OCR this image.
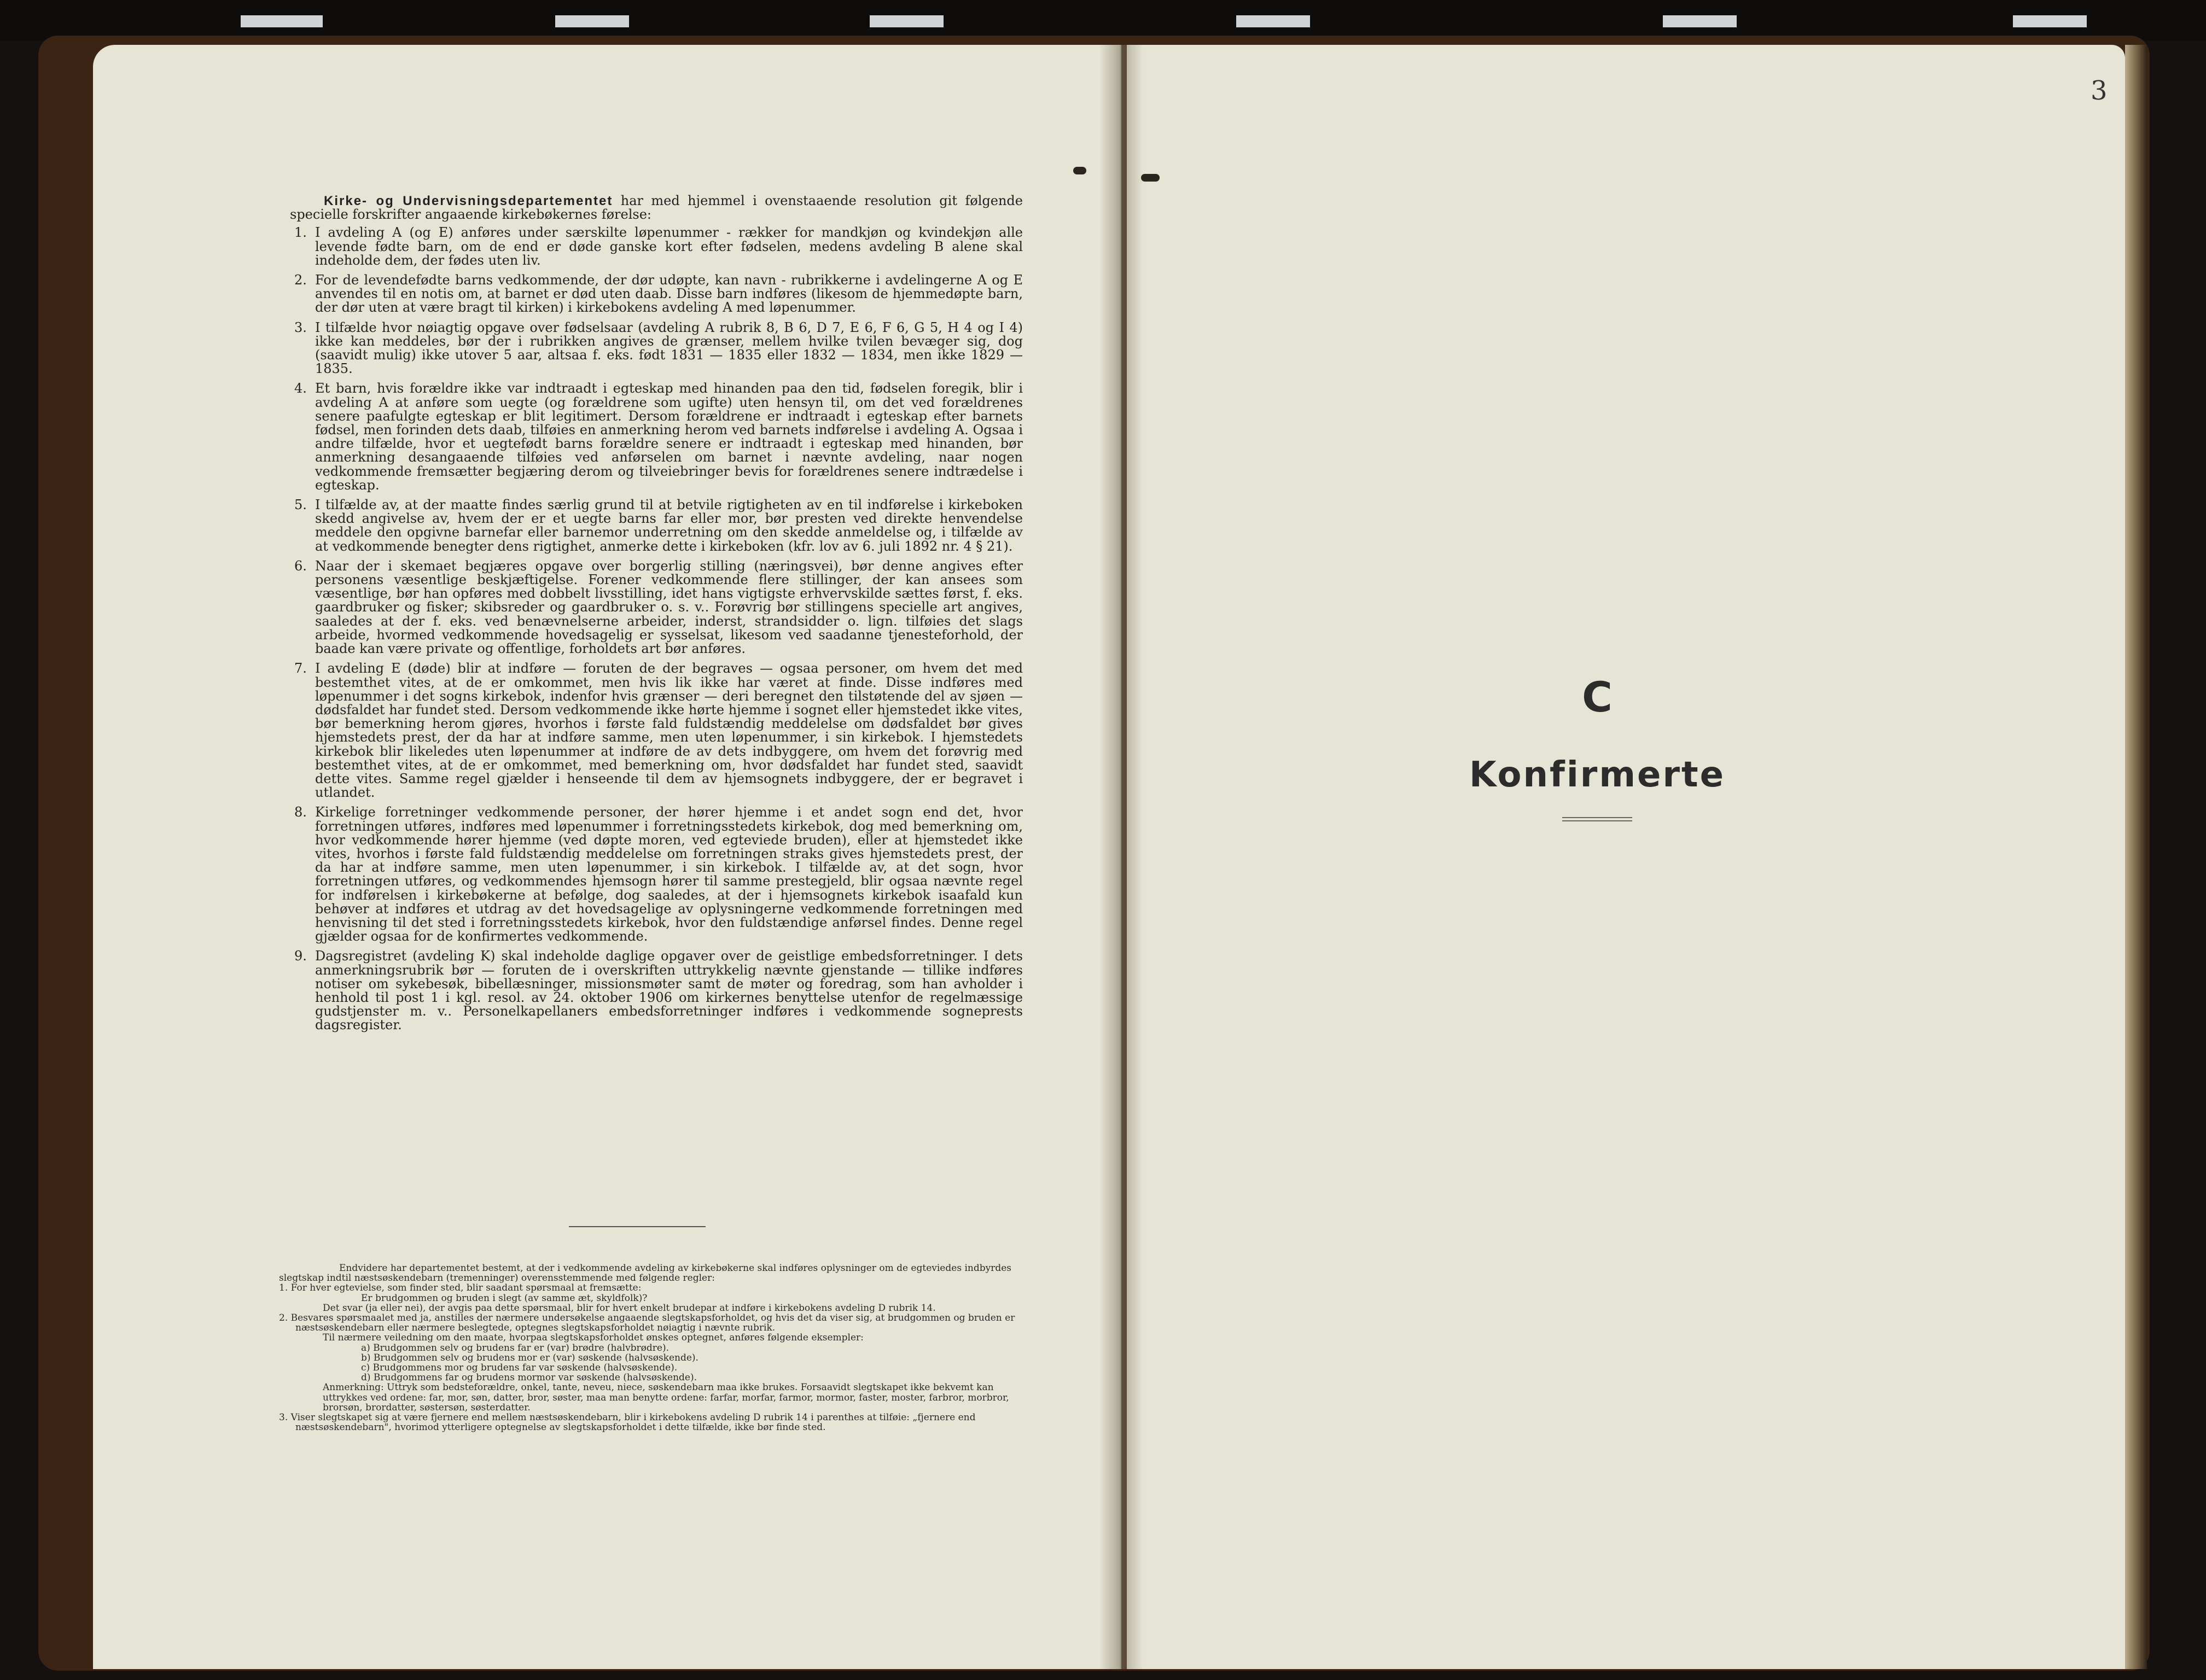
Kirke- og Undervisningsdepartementet har med hjemmel i ovenstaaende resolution git følgende specielle forskrifter angaaende kirkebøkernes førelse:

1. I avdeling A (og E) anføres under særskilte løpenummer - rækker for mandkjøn og kvindekjøn alle levende fødte barn, om de end er døde ganske kort efter fødselen, medens avdeling B alene skal indeholde dem, der fødes uten liv.
2. For de levendefødte barns vedkommende, der dør udøpte, kan navn - rubrikkerne i avdelingerne A og E anvendes til en notis om, at barnet er død uten daab. Disse barn indføres (likesom de hjemmedøpte barn, der dør uten at være bragt til kirken) i kirkebokens avdeling A med løpenummer.
3. I tilfælde hvor nøiagtig opgave over fødselsaar (avdeling A rubrik 8, B 6, D 7, E 6, F 6, G 5, H 4 og I 4) ikke kan meddeles, bør der i rubrikken angives de grænser, mellem hvilke tvilen bevæger sig, dog (saavidt mulig) ikke utover 5 aar, altsaa f. eks. født 1831 — 1835 eller 1832 — 1834, men ikke 1829 — 1835.
4. Et barn, hvis forældre ikke var indtraadt i egteskap med hinanden paa den tid, fødselen foregik, blir i avdeling A at anføre som uegte (og forældrene som ugifte) uten hensyn til, om det ved forældrenes senere paafulgte egteskap er blit legitimert. Dersom forældrene er indtraadt i egteskap efter barnets fødsel, men forinden dets daab, tilføies en anmerkning herom ved barnets indførelse i avdeling A. Ogsaa i andre tilfælde, hvor et uegtefødt barns forældre senere er indtraadt i egteskap med hinanden, bør anmerkning desangaaende tilføies ved anførselen om barnet i nævnte avdeling, naar nogen vedkommende fremsætter begjæring derom og tilveiebringer bevis for forældrenes senere indtrædelse i egteskap.
5. I tilfælde av, at der maatte findes særlig grund til at betvile rigtigheten av en til indførelse i kirkeboken skedd angivelse av, hvem der er et uegte barns far eller mor, bør presten ved direkte henvendelse meddele den opgivne barnefar eller barnemor underretning om den skedde anmeldelse og, i tilfælde av at vedkommende benegter dens rigtighet, anmerke dette i kirkeboken (kfr. lov av 6. juli 1892 nr. 4 § 21).
6. Naar der i skemaet begjæres opgave over borgerlig stilling (næringsvei), bør denne angives efter personens væsentlige beskjæftigelse. Forener vedkommende flere stillinger, der kan ansees som væsentlige, bør han opføres med dobbelt livsstilling, idet hans vigtigste erhvervskilde sættes først, f. eks. gaardbruker og fisker; skibsreder og gaardbruker o. s. v.. Forøvrig bør stillingens specielle art angives, saaledes at der f. eks. ved benævnelserne arbeider, inderst, strandsidder o. lign. tilføies det slags arbeide, hvormed vedkommende hovedsagelig er sysselsat, likesom ved saadanne tjenesteforhold, der baade kan være private og offentlige, forholdets art bør anføres.
7. I avdeling E (døde) blir at indføre — foruten de der begraves — ogsaa personer, om hvem det med bestemthet vites, at de er omkommet, men hvis lik ikke har været at finde. Disse indføres med løpenummer i det sogns kirkebok, indenfor hvis grænser — deri beregnet den tilstøtende del av sjøen — dødsfaldet har fundet sted. Dersom vedkommende ikke hørte hjemme i sognet eller hjemstedet ikke vites, bør bemerkning herom gjøres, hvorhos i første fald fuldstændig meddelelse om dødsfaldet bør gives hjemstedets prest, der da har at indføre samme, men uten løpenummer, i sin kirkebok. I hjemstedets kirkebok blir likeledes uten løpenummer at indføre de av dets indbyggere, om hvem det forøvrig med bestemthet vites, at de er omkommet, med bemerkning om, hvor dødsfaldet har fundet sted, saavidt dette vites. Samme regel gjælder i henseende til dem av hjemsognets indbyggere, der er begravet i utlandet.
8. Kirkelige forretninger vedkommende personer, der hører hjemme i et andet sogn end det, hvor forretningen utføres, indføres med løpenummer i forretningsstedets kirkebok, dog med bemerkning om, hvor vedkommende hører hjemme (ved døpte moren, ved egteviede bruden), eller at hjemstedet ikke vites, hvorhos i første fald fuldstændig meddelelse om forretningen straks gives hjemstedets prest, der da har at indføre samme, men uten løpenummer, i sin kirkebok. I tilfælde av, at det sogn, hvor forretningen utføres, og vedkommendes hjemsogn hører til samme prestegjeld, blir ogsaa nævnte regel for indførelsen i kirkebøkerne at befølge, dog saaledes, at der i hjemsognets kirkebok isaafald kun behøver at indføres et utdrag av det hovedsagelige av oplysningerne vedkommende forretningen med henvisning til det sted i forretningsstedets kirkebok, hvor den fuldstændige anførsel findes. Denne regel gjælder ogsaa for de konfirmertes vedkommende.
9. Dagsregistret (avdeling K) skal indeholde daglige opgaver over de geistlige embedsforretninger. I dets anmerkningsrubrik bør — foruten de i overskriften uttrykkelig nævnte gjenstande — tillike indføres notiser om sykebesøk, bibellæsninger, missionsmøter samt de møter og foredrag, som han avholder i henhold til post 1 i kgl. resol. av 24. oktober 1906 om kirkernes benyttelse utenfor de regelmæssige gudstjenster m. v.. Personelkapellaners embedsforretninger indføres i vedkommende sogneprests dagsregister.

Endvidere har departementet bestemt, at der i vedkommende avdeling av kirkebøkerne skal indføres oplysninger om de egteviedes indbyrdes slegtskap indtil næstsøskendebarn (tremenninger) overensstemmende med følgende regler:

1. For hver egtevielse, som finder sted, blir saadant spørsmaal at fremsætte:

Er brudgommen og bruden i slegt (av samme æt, skyldfolk)?

Det svar (ja eller nei), der avgis paa dette spørsmaal, blir for hvert enkelt brudepar at indføre i kirkebokens avdeling D rubrik 14.

2. Besvares spørsmaalet med ja, anstilles der nærmere undersøkelse angaaende slegtskapsforholdet, og hvis det da viser sig, at brudgommen og bruden er næstsøskendebarn eller nærmere beslegtede, optegnes slegtskapsforholdet nøiagtig i nævnte rubrik.

Til nærmere veiledning om den maate, hvorpaa slegtskapsforholdet ønskes optegnet, anføres følgende eksempler:

a) Brudgommen selv og brudens far er (var) brødre (halvbrødre).

b) Brudgommen selv og brudens mor er (var) søskende (halvsøskende).

c) Brudgommens mor og brudens far var søskende (halvsøskende).

d) Brudgommens far og brudens mormor var søskende (halvsøskende).

Anmerkning: Uttryk som bedsteforældre, onkel, tante, neveu, niece, søskendebarn maa ikke brukes. Forsaavidt slegtskapet ikke bekvemt kan uttrykkes ved ordene: far, mor, søn, datter, bror, søster, maa man benytte ordene: farfar, morfar, farmor, mormor, faster, moster, farbror, morbror, brorsøn, brordatter, søstersøn, søsterdatter.

3. Viser slegtskapet sig at være fjernere end mellem næstsøskendebarn, blir i kirkebokens avdeling D rubrik 14 i parenthes at tilføie: „fjernere end næstsøskendebarn", hvorimod ytterligere optegnelse av slegtskapsforholdet i dette tilfælde, ikke bør finde sted.

3
C
Konfirmerte
